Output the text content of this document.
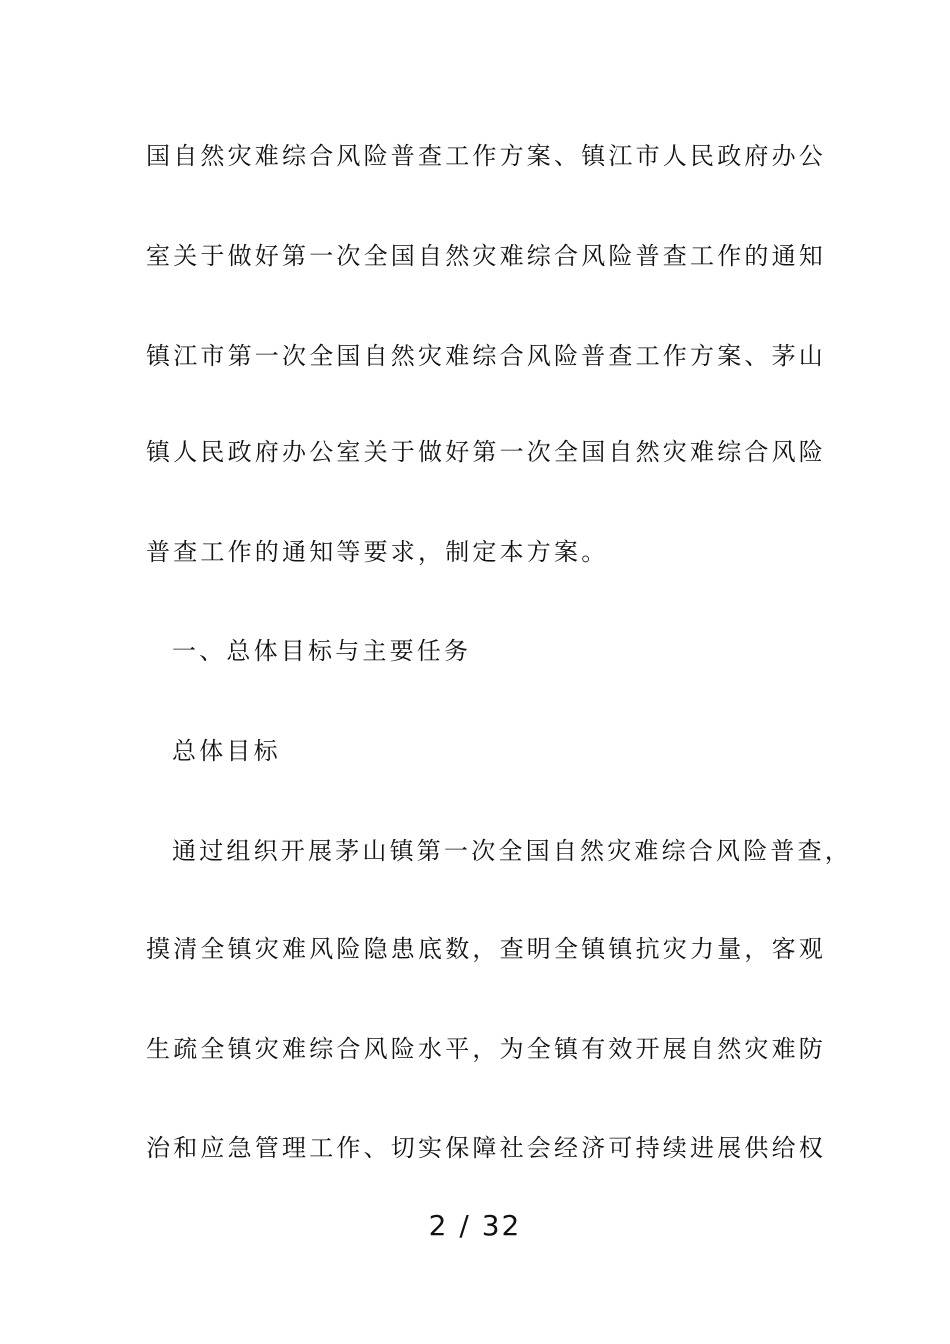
国自然灾难综合风险普查工作方案、镇江市人民政府办公
室关于做好第一次全国自然灾难综合风险普查工作的通知
镇江市第一次全国自然灾难综合风险普查工作方案、茅山
镇人民政府办公室关于做好第一次全国自然灾难综合风险
普查工作的通知等要求，制定本方案。
一、总体目标与主要任务
总体目标
通过组织开展茅山镇第一次全国自然灾难综合风险普查，
摸清全镇灾难风险隐患底数，查明全镇镇抗灾力量，客观
生疏全镇灾难综合风险水平，为全镇有效开展自然灾难防
治和应急管理工作、切实保障社会经济可持续进展供给权
2 / 32
